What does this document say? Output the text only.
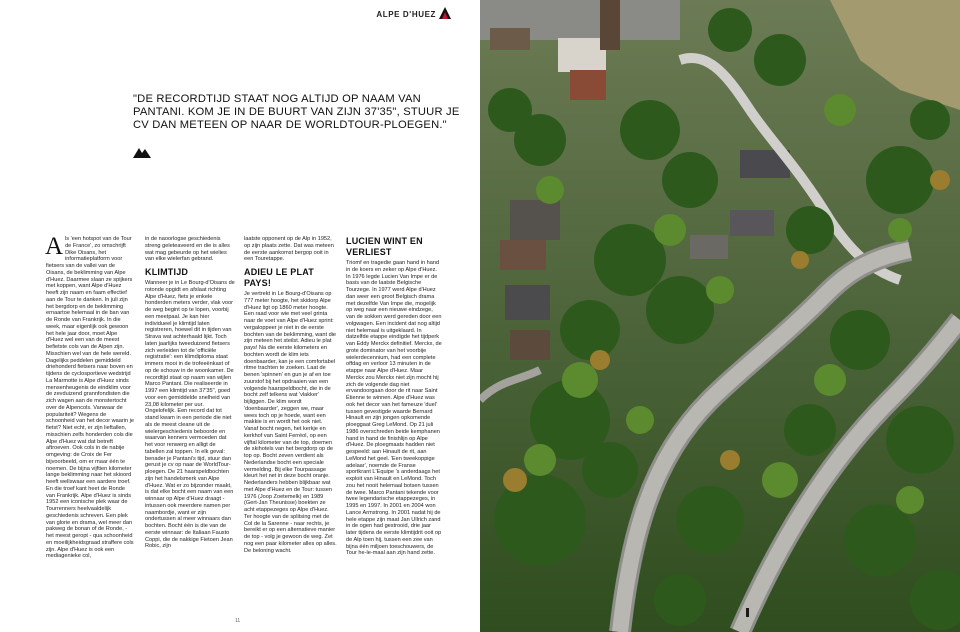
ALPE D'HUEZ
"DE RECORDTIJD STAAT NOG ALTIJD OP NAAM VAN PANTANI. KOM JE IN DE BUURT VAN ZIJN 37'35", STUUR JE CV DAN METEEN OP NAAR DE WORLDTOUR-PLOEGEN."
A ls 'een hotspot van de Tour de France', zo omschrijft Dike Oisans, het informatieplatform voor fietsers van de vallei van de Oisans, de beklimming van Alpe d'Huez. Daarmee slaan ze spijkers met koppen, want Alpe d'Huez heeft zijn naam en faam effectief aan de Tour te danken. In juli zijn het bergdorp en de beklimming ernaartoe helemaal in de ban van de Ronde van Frankrijk. In die week, maar eigenlijk ook gewoon het hele jaar door, moet Alpe d'Huez wel een van de meest befietste cols van de Alpen zijn. Misschien wel van de hele wereld. Dagelijks peddelen gemiddeld driehonderd fietsers naar boven en tijdens de cyclosportieve wedstrijd La Marmotte is Alpe d'Huez sinds mensenheugenis de eindklim voor de zevduizend grannfondisten die zich wagen aan de monstertocht over de Alpencols. Vanwaar de populariteit? Wegens de schoonheid van het decor waarin je fietst? Niet echt, er zijn lieftallen, misschien zelfs honderden cols die Alpe d'Huez wat dat betreft aftroeven. Ook cols in de nabije omgeving: de Croix de Fer bijvoorbeeld, om er maar één te noemen. De bijna vijftien kilometer lange beklimming naar het skioord heeft wellswaar een aardere troef. En die troef kant heet de Ronde van Frankrijk. Alpe d'Huez is sinds 1952 een iconische plek waar de Tourrenners heelvaaldelijk geschiedenis schreven. Een plek van glorie en drama, wel meer dan pakweg de bonan of de Ronde, - het meest geropt - qua schoonheid en moeilijkheidsgraad straffere cols zijn. Alpe d'Huez is ook een mediagenieke col,

in de naoorlogse geschiedenis streng geleteaveerd en die is alles wat mag gebeurde op het wielies van elke wielerfan gebrand.

KLIMTIJD

Wanneer je in Le Bourg-d'Oisans de rotonde opgidt en afslaat richting Alpe d'Huez, fiets je enkele honderden meters verder, vlak voor de weg begint op te lopen, voorbij een meetpaal. Je kan hier individueel je klimtijd laten registreren, hoewel dit in tijden van Strava wat achterhaald lijkt. Toch laten jaarlijks tweeduizend fietsers zich verleiden tot de 'officiële registratie': een klimdiploma staat immers mooi in de trofeeënkast of op de schouw in de woonkamer. De recordtijd staat op naam van wijlen Marco Pantani. Die realiseerde in 1997 een klimtijd van 37'35", goed voor een gemiddelde snelheid van 23,08 kilometer per uur. Ongelofelijk. Een record dat tot stand kwam in een periode die niet als de meest cleane uit de wielergeschiedenis beboorde en waarvan kenners vermoeden dat het voor renwerg en alligt de tabellen zal toppen. In elk geval: benader je Pantani's tijd, stuur dan gerust je cv op naar de WorldTour-ploegen. De 21 haarspeldbochten zijn het handelsmerk van Alpe d'Huez. Wat er zo bijzonder maakt, is dat elke bocht een naam van een winnaar op Alpe d'Huez draagt - intussen ook meerdere namen per naambordje, want er zijn ondertussen al meer winnaars dan bochten. Bocht één is die van de eerste winnaar: de Italiaan Fausto Coppi, die de nakkige Fietoen Jean Robic, zijn

laatste opponent op de Alp in 1952, op zijn plaats zette. Dat was meteen de eerste aankomst bergop ooit in een Touretappe.

ADIEU LE PLAT PAYS!

Je vertrekt in Le Bourg-d'Oisans op 777 meter hoogte, het skidorp Alpe d'Huez ligt op 1860 meter hoogte. Een raad voor wie met veel grinta naar de voet van Alpe d'Huez sprint: vergaloppeer je niet in de eerste bochten van de beklimming, want die zijn meteen het steilst. Adieu le plat pays! Na die eerste kilometers en bochten wordt de klim iets doenbaarder, kan je een comfortabel ritme trachten te zoeken. Laat de benen 'spinnen' en gun je af en toe zuurstof bij het opdraaien van een volgende haarspeldbocht, die in de bocht zelf telkens wat 'vlakker' bijliggen. De klim wordt 'doenbaarder', zeggen we, maar wees toch op je hoede, want een makkie is en wordt het ook niet. Vanaf bocht negen, het kerkje en kerkhof van Saint Ferréol, op een vijftal kilometer van de top, doemen de skihotels van het bergdorp op de top op. Bocht zeven verdient als Nederlandse bocht een speciale vermelding. Bij elke Tourpassage kleurt het net in deze bocht oranje. Nederlanders hebben blijkbaar wat met Alpe d'Huez en de Tour: tussen 1976 (Joop Zoetemelk) en 1989 (Gert-Jan Theunisse) boekten ze acht etappezeges op Alpe d'Huez. Ter hoogte van de splitsing met de Col de la Sarenne - naar rechts, je bereikt er op een alternatieve manier de top - volg je gewoon de weg. Zet nog een paar kilometer alles op alles. De beloning wacht.

LUCIEN WINT EN VERLIEST

Triomf en tragedie gaan hand in hand in de koers en zeker op Alpe d'Huez. In 1976 legde Lucien Van Impe er de basis van de laatste Belgische Tourzege. In 1977 werd Alpe d'Huez dan weer een groot Belgisch drama met dezelfde Van Impe die, mogelijk op weg naar een nieuwe eindzege, van de sokken werd gereden door een volgwagen. Een incident dat nog altijd niet helemaal is uitgeklaard. In datzelfde etappe eindigde het tijdperk van Eddy Merckx definitief. Merckx, de grote dominator van het voorbije wielerdecennium, had een complete offdag en verloor 13 minuten in de etappe naar Alpe d'Huez. Maar Merckx zou Merckx niet zijn mocht hij zich de volgende dag niet ervandoorgaan door de rit naar Saint Étienne te winnen. Alpe d'Huez was ook het decor van het fameuze 'duel' tussen gevestigde waarde Bernard Hinault en zijn jongen opkomende ploeggaat Greg LeMond. Op 21 juli 1986 overschreden beide kemphanen hand in hand de finishlijn op Alpe d'Huez. De ploegmaats hadden niet gespeeld: aan Hinault de rit, aan LeMond het geel. 'Een tweekoppige adelaar', noemde de Franse sportkrant L'Equipe 's anderdaags het exploit van Hinault en LeMond. Toch zou het nooit helemaal botsen tussen de twee. Marco Pantani tekende voor twee legendarische etappezeges, in 1995 en 1997. In 2001 en 2004 won Lance Armstrong. In 2001 nadat hij de hele etappe zijn maat Jan Ullrich zand in de ogen had gestrooid, drie jaar later tijdens de eerste klimtijdrit ooit op de Alp toen hij, tussen een zee van bijna één miljoen toeschouwers, de Tour he-le-maal aan zijn hand zette.

11
